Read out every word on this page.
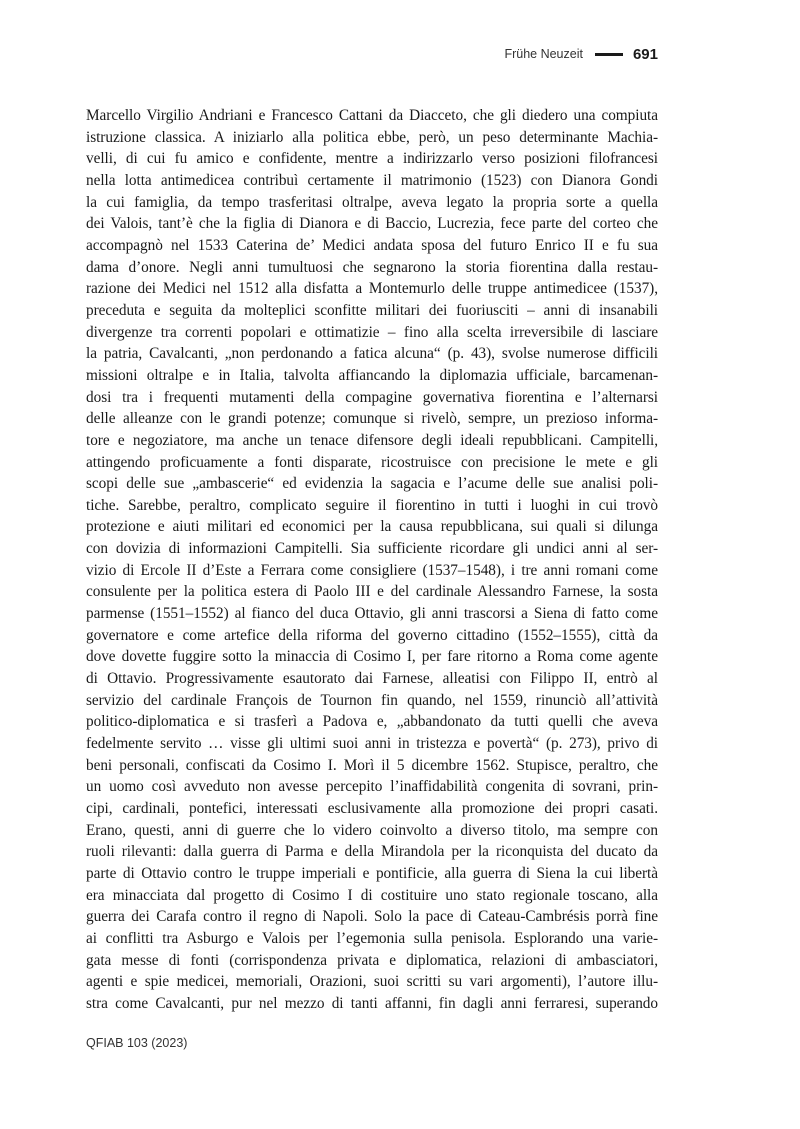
Frühe Neuzeit	691
Marcello Virgilio Andriani e Francesco Cattani da Diacceto, che gli diedero una compiuta
istruzione classica. A iniziarlo alla politica ebbe, però, un peso determinante Machia-
velli, di cui fu amico e confidente, mentre a indirizzarlo verso posizioni filofrancesi
nella lotta antimedicea contribuì certamente il matrimonio (1523) con Dianora Gondi
la cui famiglia, da tempo trasferitasi oltralpe, aveva legato la propria sorte a quella
dei Valois, tant’è che la figlia di Dianora e di Baccio, Lucrezia, fece parte del corteo che
accompagnò nel 1533 Caterina de’ Medici andata sposa del futuro Enrico II e fu sua
dama d’onore. Negli anni tumultuosi che segnarono la storia fiorentina dalla restau-
razione dei Medici nel 1512 alla disfatta a Montemurlo delle truppe antimedicee (1537),
preceduta e seguita da molteplici sconfitte militari dei fuoriusciti – anni di insanabili
divergenze tra correnti popolari e ottimatizie – fino alla scelta irreversibile di lasciare
la patria, Cavalcanti, „non perdonando a fatica alcuna“ (p. 43), svolse numerose difficili
missioni oltralpe e in Italia, talvolta affiancando la diplomazia ufficiale, barcamenan-
dosi tra i frequenti mutamenti della compagine governativa fiorentina e l’alternarsi
delle alleanze con le grandi potenze; comunque si rivelò, sempre, un prezioso informa-
tore e negoziatore, ma anche un tenace difensore degli ideali repubblicani. Campitelli,
attingendo proficuamente a fonti disparate, ricostruisce con precisione le mete e gli
scopi delle sue „ambascerie“ ed evidenzia la sagacia e l’acume delle sue analisi poli-
tiche. Sarebbe, peraltro, complicato seguire il fiorentino in tutti i luoghi in cui trovò
protezione e aiuti militari ed economici per la causa repubblicana, sui quali si dilunga
con dovizia di informazioni Campitelli. Sia sufficiente ricordare gli undici anni al ser-
vizio di Ercole II d’Este a Ferrara come consigliere (1537–1548), i tre anni romani come
consulente per la politica estera di Paolo III e del cardinale Alessandro Farnese, la sosta
parmense (1551–1552) al fianco del duca Ottavio, gli anni trascorsi a Siena di fatto come
governatore e come artefice della riforma del governo cittadino (1552–1555), città da
dove dovette fuggire sotto la minaccia di Cosimo I, per fare ritorno a Roma come agente
di Ottavio. Progressivamente esautorato dai Farnese, alleatisi con Filippo II, entrò al
servizio del cardinale François de Tournon fin quando, nel 1559, rinunciò all’attività
politico-diplomatica e si trasferì a Padova e, „abbandonato da tutti quelli che aveva
fedelmente servito … visse gli ultimi suoi anni in tristezza e povertà“ (p. 273), privo di
beni personali, confiscati da Cosimo I. Morì il 5 dicembre 1562. Stupisce, peraltro, che
un uomo così avveduto non avesse percepito l’inaffidabilità congenita di sovrani, prin-
cipi, cardinali, pontefici, interessati esclusivamente alla promozione dei propri casati.
Erano, questi, anni di guerre che lo videro coinvolto a diverso titolo, ma sempre con
ruoli rilevanti: dalla guerra di Parma e della Mirandola per la riconquista del ducato da
parte di Ottavio contro le truppe imperiali e pontificie, alla guerra di Siena la cui libertà
era minacciata dal progetto di Cosimo I di costituire uno stato regionale toscano, alla
guerra dei Carafa contro il regno di Napoli. Solo la pace di Cateau-Cambrésis porrà fine
ai conflitti tra Asburgo e Valois per l’egemonia sulla penisola. Esplorando una varie-
gata messe di fonti (corrispondenza privata e diplomatica, relazioni di ambasciatori,
agenti e spie medicei, memoriali, Orazioni, suoi scritti su vari argomenti), l’autore illu-
stra come Cavalcanti, pur nel mezzo di tanti affanni, fin dagli anni ferraresi, superando
QFIAB 103 (2023)
